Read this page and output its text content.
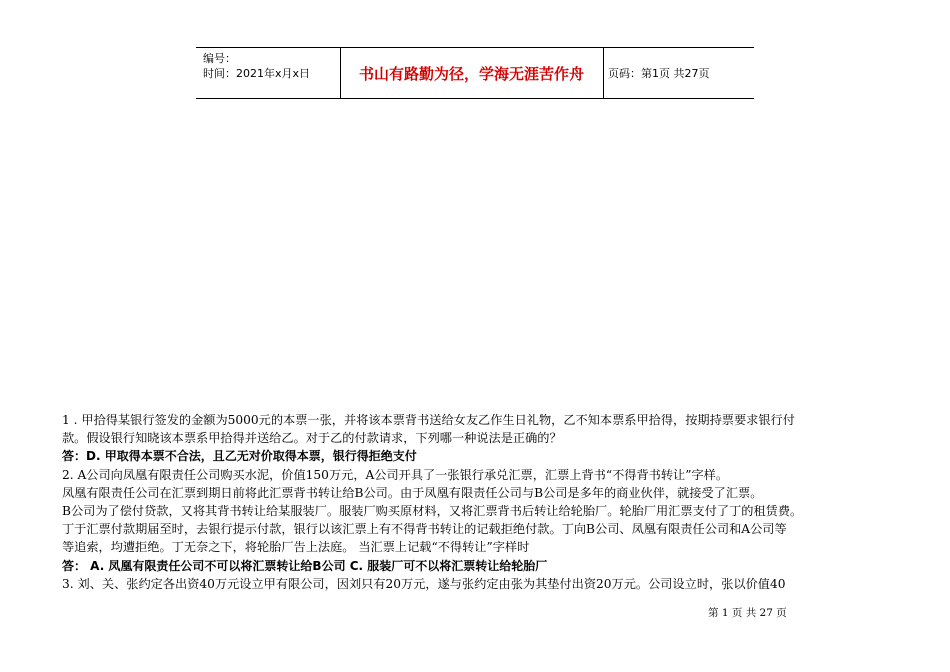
编号：
时间：2021年x月x日	书山有路勤为径，学海无涯苦作舟	页码：第1页 共27页

1 . 甲拾得某银行签发的金额为5000元的本票一张，并将该本票背书送给女友乙作生日礼物，乙不知本票系甲拾得，按期持票要求银行付

款。假设银行知晓该本票系甲拾得并送给乙。对于乙的付款请求，下列哪一种说法是正确的？

答：D. 甲取得本票不合法，且乙无对价取得本票，银行得拒绝支付

2. A公司向凤凰有限责任公司购买水泥，价值150万元，A公司开具了一张银行承兑汇票，汇票上背书“不得背书转让”字样。

凤凰有限责任公司在汇票到期日前将此汇票背书转让给B公司。由于凤凰有限责任公司与B公司是多年的商业伙伴，就接受了汇票。

B公司为了偿付贷款，又将其背书转让给某服装厂。服装厂购买原材料，又将汇票背书后转让给轮胎厂。轮胎厂用汇票支付了丁的租赁费。

丁于汇票付款期届至时，去银行提示付款，银行以该汇票上有不得背书转让的记载拒绝付款。丁向B公司、凤凰有限责任公司和A公司等

等追索，均遭拒绝。丁无奈之下，将轮胎厂告上法庭。 当汇票上记载“不得转让”字样时

答： A. 凤凰有限责任公司不可以将汇票转让给B公司 C. 服装厂可不以将汇票转让给轮胎厂

3. 刘、关、张约定各出资40万元设立甲有限公司，因刘只有20万元，遂与张约定由张为其垫付出资20万元。公司设立时，张以价值40

第 1 页 共 27 页
